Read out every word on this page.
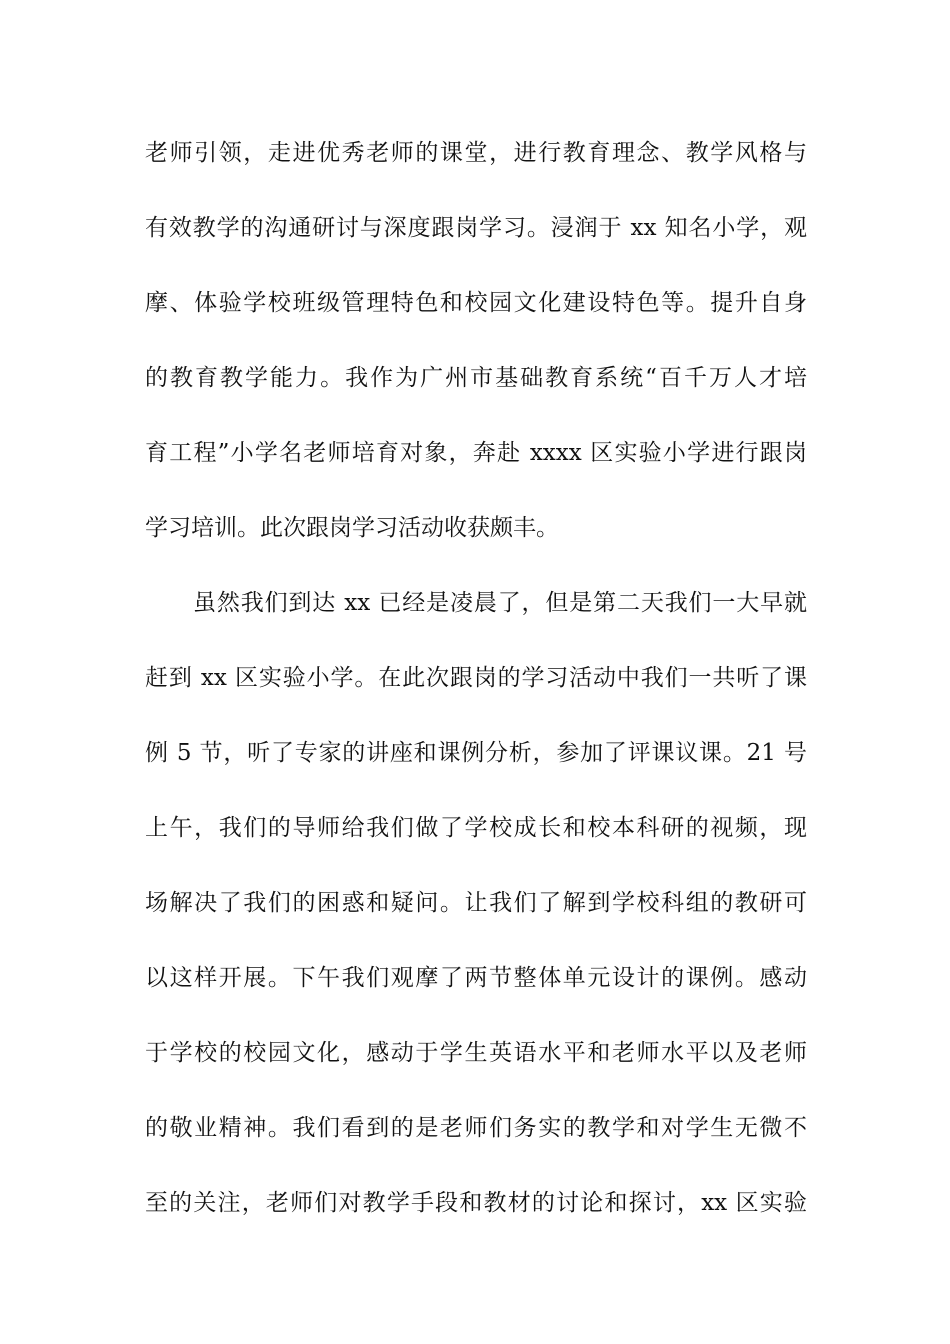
老师引领，走进优秀老师的课堂，进行教育理念、教学风格与
有效教学的沟通研讨与深度跟岗学习。浸润于 xx 知名小学，观
摩、体验学校班级管理特色和校园文化建设特色等。提升自身
的教育教学能力。我作为广州市基础教育系统“百千万人才培
育工程”小学名老师培育对象，奔赴 xxxx 区实验小学进行跟岗
学习培训。此次跟岗学习活动收获颇丰。
虽然我们到达 xx 已经是凌晨了，但是第二天我们一大早就
赶到 xx 区实验小学。在此次跟岗的学习活动中我们一共听了课
例 5 节，听了专家的讲座和课例分析，参加了评课议课。21 号
上午，我们的导师给我们做了学校成长和校本科研的视频，现
场解决了我们的困惑和疑问。让我们了解到学校科组的教研可
以这样开展。下午我们观摩了两节整体单元设计的课例。感动
于学校的校园文化，感动于学生英语水平和老师水平以及老师
的敬业精神。我们看到的是老师们务实的教学和对学生无微不
至的关注，老师们对教学手段和教材的讨论和探讨，xx 区实验
